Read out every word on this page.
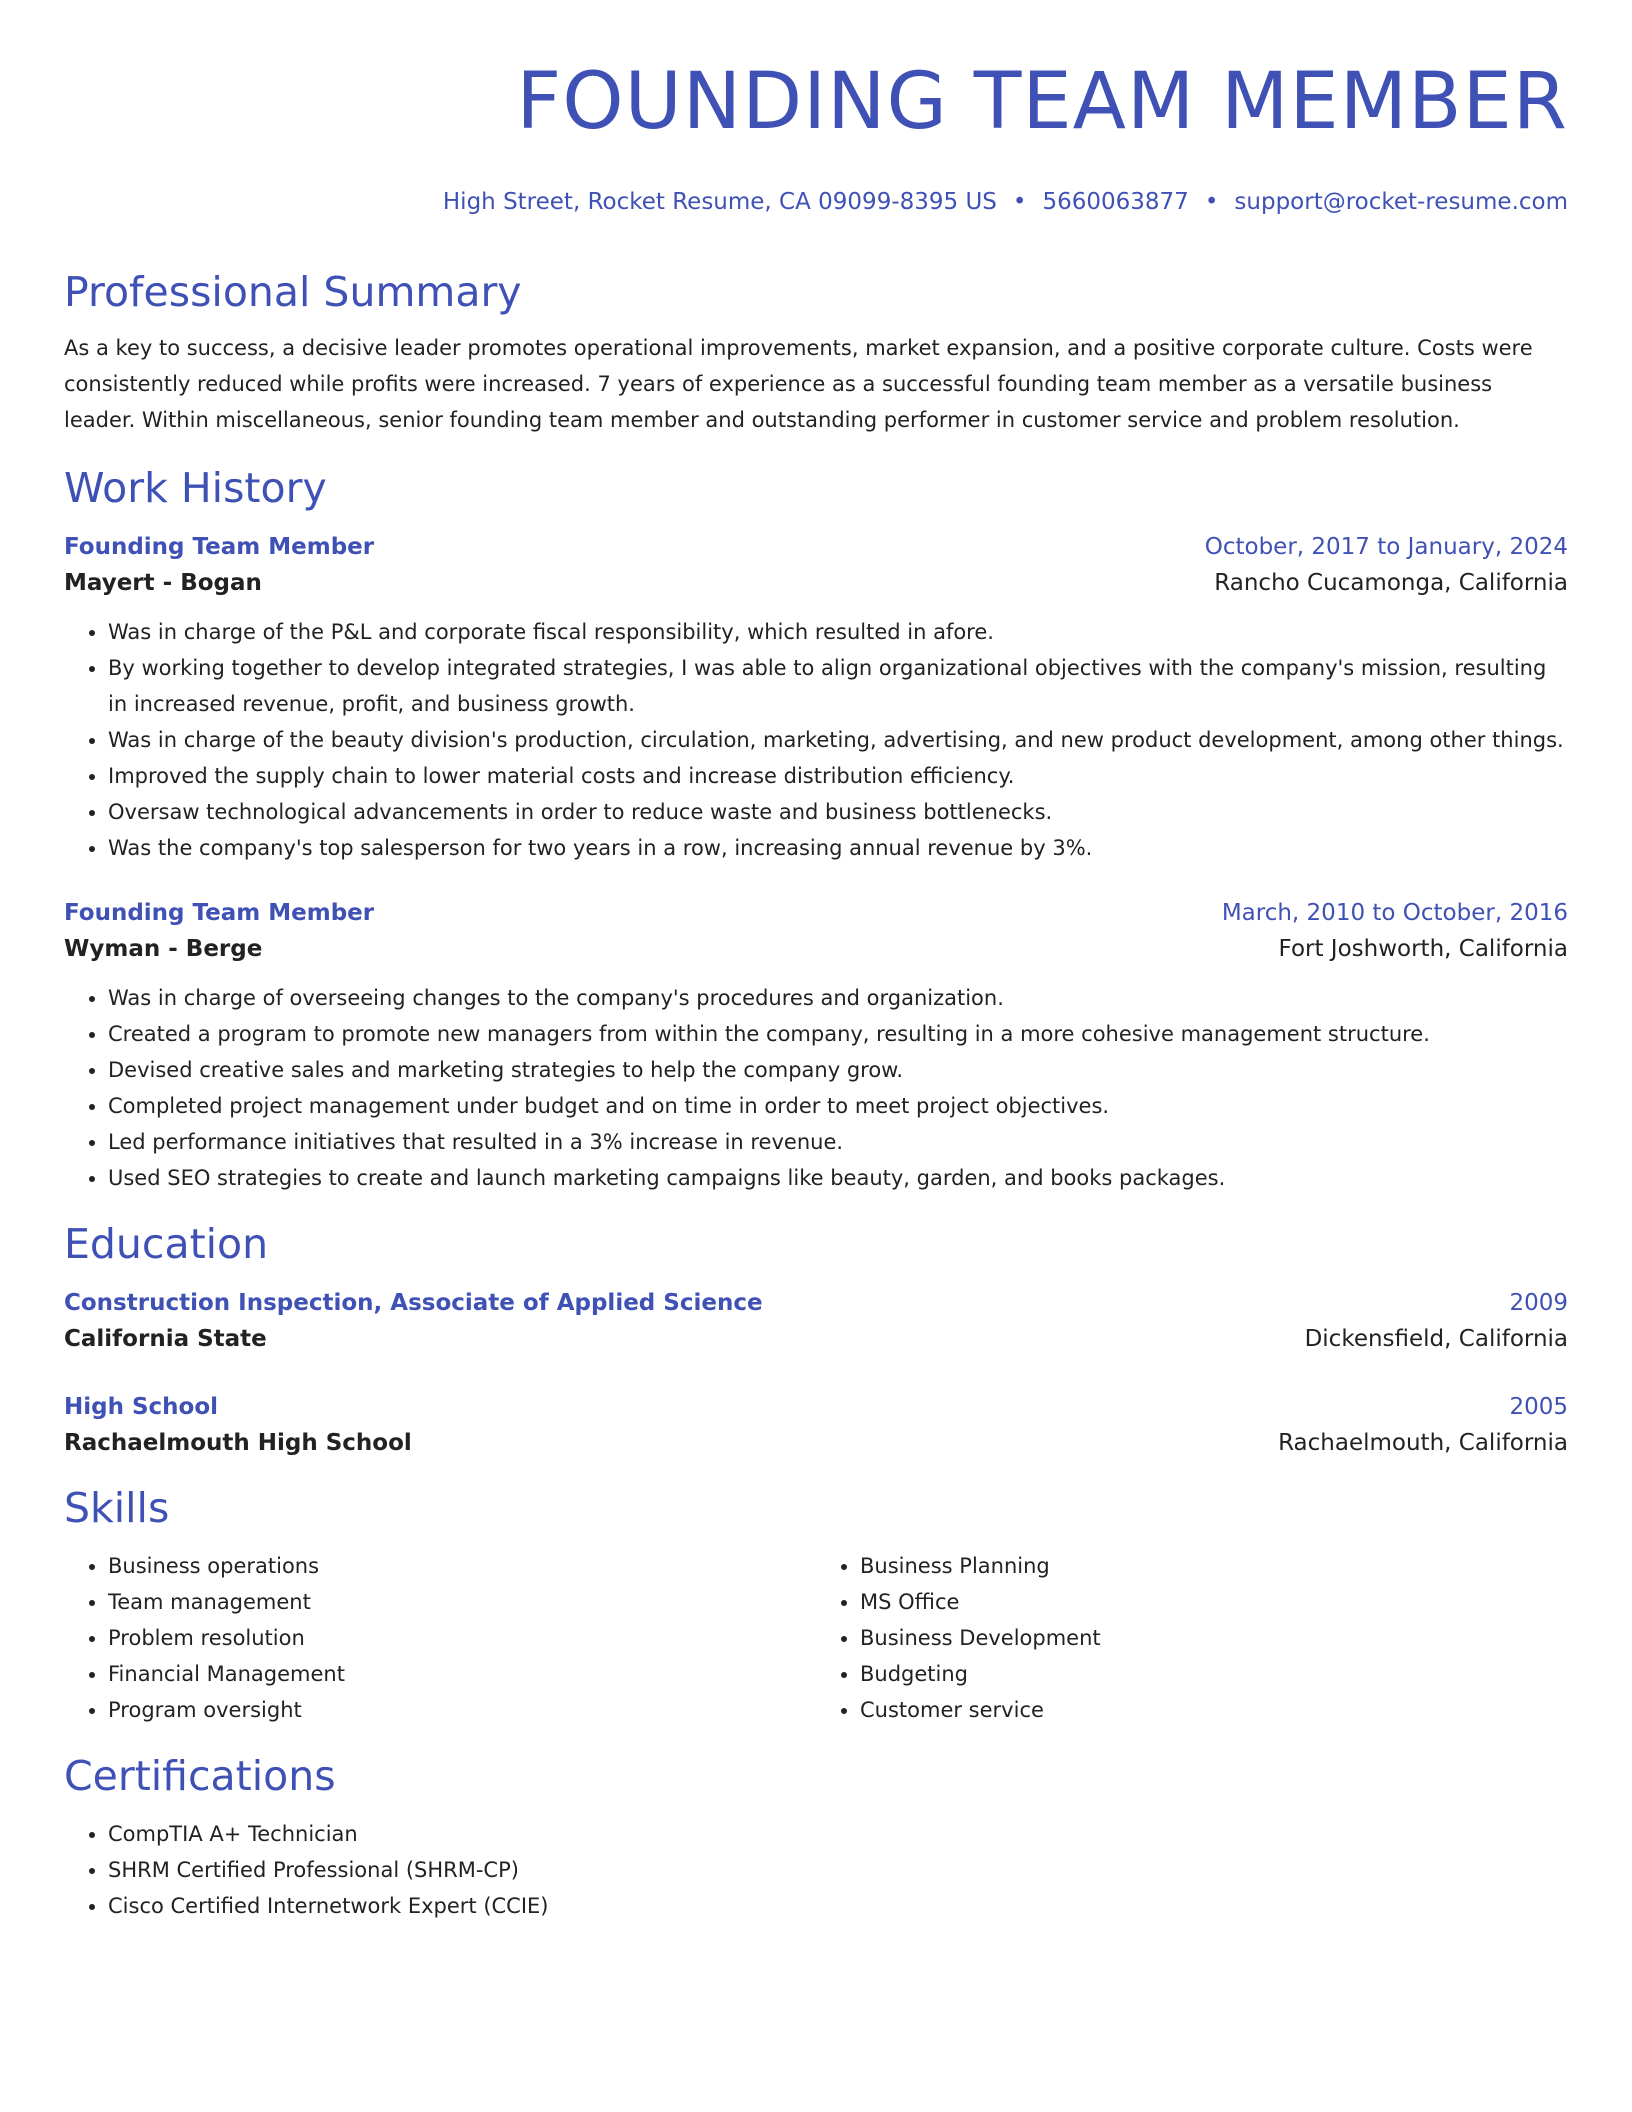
FOUNDING TEAM MEMBER
High Street, Rocket Resume, CA 09099-8395 US • 5660063877 • support@rocket-resume.com
Professional Summary
As a key to success, a decisive leader promotes operational improvements, market expansion, and a positive corporate culture. Costs were consistently reduced while profits were increased. 7 years of experience as a successful founding team member as a versatile business leader. Within miscellaneous, senior founding team member and outstanding performer in customer service and problem resolution.
Work History
Founding Team Member	October, 2017 to January, 2024
Mayert - Bogan	Rancho Cucamonga, California
• Was in charge of the P&L and corporate fiscal responsibility, which resulted in afore.
• By working together to develop integrated strategies, I was able to align organizational objectives with the company's mission, resulting in increased revenue, profit, and business growth.
• Was in charge of the beauty division's production, circulation, marketing, advertising, and new product development, among other things.
• Improved the supply chain to lower material costs and increase distribution efficiency.
• Oversaw technological advancements in order to reduce waste and business bottlenecks.
• Was the company's top salesperson for two years in a row, increasing annual revenue by 3%.
Founding Team Member	March, 2010 to October, 2016
Wyman - Berge	Fort Joshworth, California
• Was in charge of overseeing changes to the company's procedures and organization.
• Created a program to promote new managers from within the company, resulting in a more cohesive management structure.
• Devised creative sales and marketing strategies to help the company grow.
• Completed project management under budget and on time in order to meet project objectives.
• Led performance initiatives that resulted in a 3% increase in revenue.
• Used SEO strategies to create and launch marketing campaigns like beauty, garden, and books packages.
Education
Construction Inspection, Associate of Applied Science	2009
California State	Dickensfield, California
High School	2005
Rachaelmouth High School	Rachaelmouth, California
Skills
• Business operations
• Team management
• Problem resolution
• Financial Management
• Program oversight
• Business Planning
• MS Office
• Business Development
• Budgeting
• Customer service
Certifications
• CompTIA A+ Technician
• SHRM Certified Professional (SHRM-CP)
• Cisco Certified Internetwork Expert (CCIE)
